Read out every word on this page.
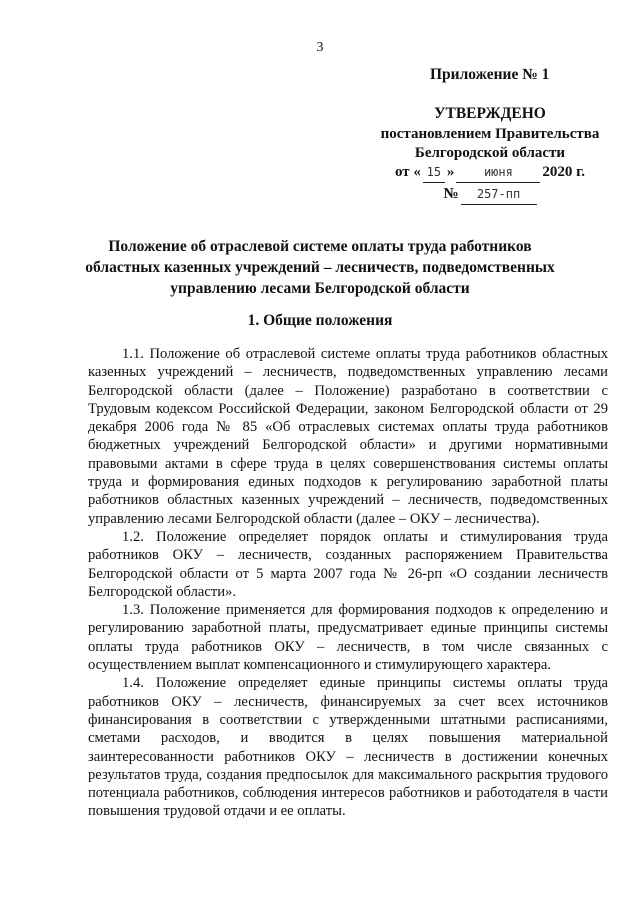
3
Приложение № 1
УТВЕРЖДЕНО
постановлением Правительства
Белгородской области
от « 15 »	июня	2020 г.
№	257-пп
Положение об отраслевой системе оплаты труда работников областных казенных учреждений – лесничеств, подведомственных управлению лесами Белгородской области
1. Общие положения

1.1. Положение об отраслевой системе оплаты труда работников областных казенных учреждений – лесничеств, подведомственных управлению лесами Белгородской области (далее – Положение) разработано в соответствии с Трудовым кодексом Российской Федерации, законом Белгородской области от 29 декабря 2006 года № 85 «Об отраслевых системах оплаты труда работников бюджетных учреждений Белгородской области» и другими нормативными правовыми актами в сфере труда в целях совершенствования системы оплаты труда и формирования единых подходов к регулированию заработной платы работников областных казенных учреждений – лесничеств, подведомственных управлению лесами Белгородской области (далее – ОКУ – лесничества).

1.2. Положение определяет порядок оплаты и стимулирования труда работников ОКУ – лесничеств, созданных распоряжением Правительства Белгородской области от 5 марта 2007 года № 26-рп «О создании лесничеств Белгородской области».

1.3. Положение применяется для формирования подходов к определению и регулированию заработной платы, предусматривает единые принципы системы оплаты труда работников ОКУ – лесничеств, в том числе связанных с осуществлением выплат компенсационного и стимулирующего характера.

1.4. Положение определяет единые принципы системы оплаты труда работников ОКУ – лесничеств, финансируемых за счет всех источников финансирования в соответствии с утвержденными штатными расписаниями, сметами расходов, и вводится в целях повышения материальной заинтересованности работников ОКУ – лесничеств в достижении конечных результатов труда, создания предпосылок для максимального раскрытия трудового потенциала работников, соблюдения интересов работников и работодателя в части повышения трудовой отдачи и ее оплаты.
